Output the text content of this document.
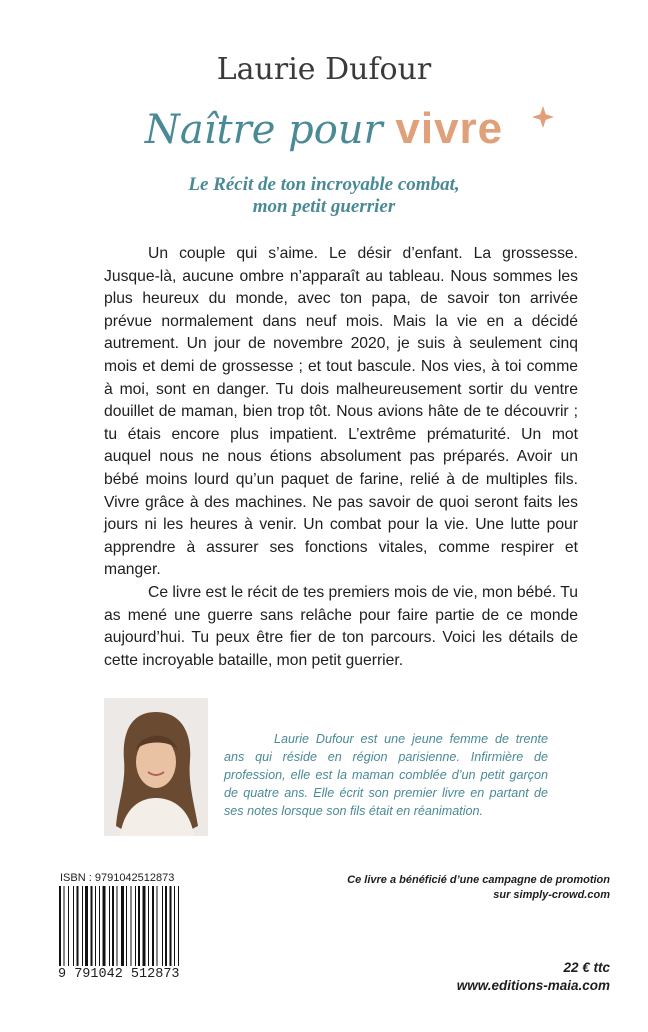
Laurie Dufour
Naître pour vivre
Le Récit de ton incroyable combat,
mon petit guerrier

Un couple qui s’aime. Le désir d’enfant. La grossesse. Jusque-là, aucune ombre n’apparaît au tableau. Nous sommes les plus heureux du monde, avec ton papa, de savoir ton arrivée prévue normalement dans neuf mois. Mais la vie en a décidé autrement. Un jour de novembre 2020, je suis à seulement cinq mois et demi de grossesse ; et tout bascule. Nos vies, à toi comme à moi, sont en danger. Tu dois malheureusement sortir du ventre douillet de maman, bien trop tôt. Nous avions hâte de te découvrir ; tu étais encore plus impatient. L’extrême prématurité. Un mot auquel nous ne nous étions absolument pas préparés. Avoir un bébé moins lourd qu’un paquet de farine, relié à de multiples fils. Vivre grâce à des machines. Ne pas savoir de quoi seront faits les jours ni les heures à venir. Un combat pour la vie. Une lutte pour apprendre à assurer ses fonctions vitales, comme respirer et manger.

Ce livre est le récit de tes premiers mois de vie, mon bébé. Tu as mené une guerre sans relâche pour faire partie de ce monde aujourd’hui. Tu peux être fier de ton parcours. Voici les détails de cette incroyable bataille, mon petit guerrier.

Laurie Dufour est une jeune femme de trente ans qui réside en région parisienne. Infirmière de profession, elle est la maman comblée d’un petit garçon de quatre ans. Elle écrit son premier livre en partant de ses notes lorsque son fils était en réanimation.

ISBN : 9791042512873
9 791042 512873
Ce livre a bénéficié d’une campagne de promotion
sur simply-crowd.com
22 € ttc
www.editions-maia.com
